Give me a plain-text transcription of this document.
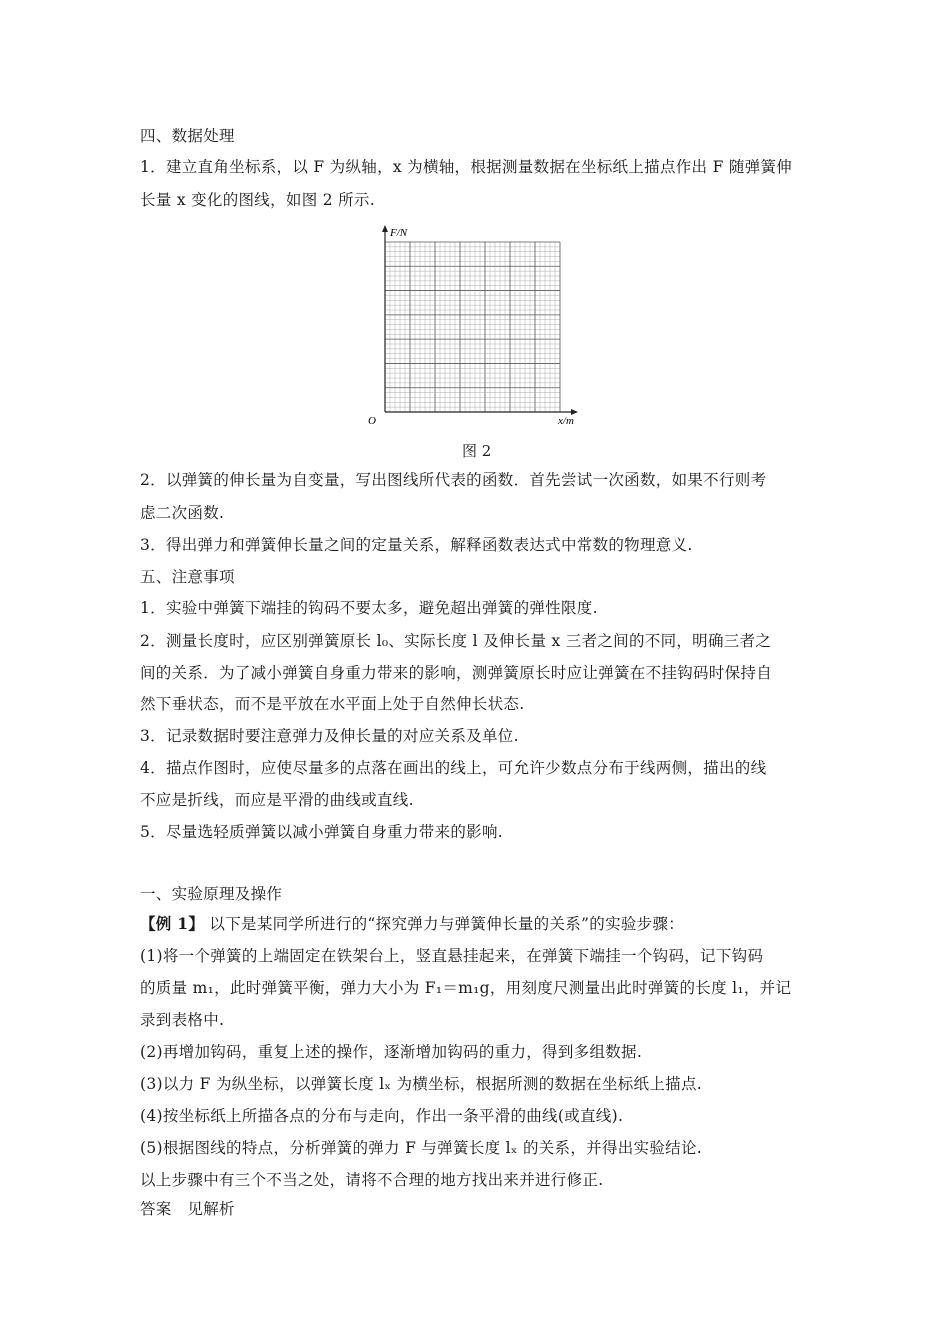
四、数据处理
1．建立直角坐标系，以 F 为纵轴，x 为横轴，根据测量数据在坐标纸上描点作出 F 随弹簧伸
长量 x 变化的图线，如图 2 所示.
F/N
x/m
O
图 2
2．以弹簧的伸长量为自变量，写出图线所代表的函数．首先尝试一次函数，如果不行则考
虑二次函数.
3．得出弹力和弹簧伸长量之间的定量关系，解释函数表达式中常数的物理意义.
五、注意事项
1．实验中弹簧下端挂的钩码不要太多，避免超出弹簧的弹性限度.
2．测量长度时，应区别弹簧原长 l₀、实际长度 l 及伸长量 x 三者之间的不同，明确三者之
间的关系．为了减小弹簧自身重力带来的影响，测弹簧原长时应让弹簧在不挂钩码时保持自
然下垂状态，而不是平放在水平面上处于自然伸长状态.
3．记录数据时要注意弹力及伸长量的对应关系及单位.
4．描点作图时，应使尽量多的点落在画出的线上，可允许少数点分布于线两侧，描出的线
不应是折线，而应是平滑的曲线或直线.
5．尽量选轻质弹簧以减小弹簧自身重力带来的影响.
一、实验原理及操作
【例 1】 以下是某同学所进行的“探究弹力与弹簧伸长量的关系”的实验步骤：
(1)将一个弹簧的上端固定在铁架台上，竖直悬挂起来，在弹簧下端挂一个钩码，记下钩码
的质量 m₁，此时弹簧平衡，弹力大小为 F₁＝m₁g，用刻度尺测量出此时弹簧的长度 l₁，并记
录到表格中.
(2)再增加钩码，重复上述的操作，逐渐增加钩码的重力，得到多组数据.
(3)以力 F 为纵坐标，以弹簧长度 lₓ 为横坐标，根据所测的数据在坐标纸上描点.
(4)按坐标纸上所描各点的分布与走向，作出一条平滑的曲线(或直线).
(5)根据图线的特点，分析弹簧的弹力 F 与弹簧长度 lₓ 的关系，并得出实验结论.
以上步骤中有三个不当之处，请将不合理的地方找出来并进行修正.
答案　见解析
